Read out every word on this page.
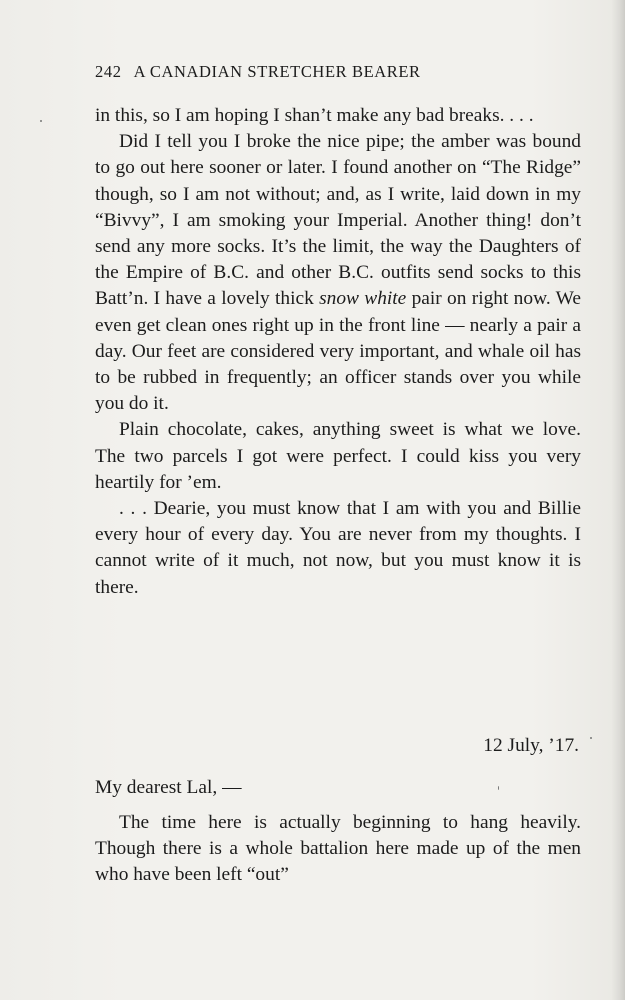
242 A CANADIAN STRETCHER BEARER

in this, so I am hoping I shan’t make any bad breaks. . . .

Did I tell you I broke the nice pipe; the amber was bound to go out here sooner or later. I found another on “The Ridge” though, so I am not without; and, as I write, laid down in my “Bivvy”, I am smoking your Imperial. Another thing! don’t send any more socks. It’s the limit, the way the Daughters of the Empire of B.C. and other B.C. outfits send socks to this Batt’n. I have a lovely thick snow white pair on right now. We even get clean ones right up in the front line — nearly a pair a day. Our feet are considered very important, and whale oil has to be rubbed in frequently; an officer stands over you while you do it.

Plain chocolate, cakes, anything sweet is what we love. The two parcels I got were perfect. I could kiss you very heartily for ’em.

. . . Dearie, you must know that I am with you and Billie every hour of every day. You are never from my thoughts. I cannot write of it much, not now, but you must know it is there.

12 July, ’17.
My dearest Lal, —

The time here is actually beginning to hang heavily. Though there is a whole battalion here made up of the men who have been left “out”
